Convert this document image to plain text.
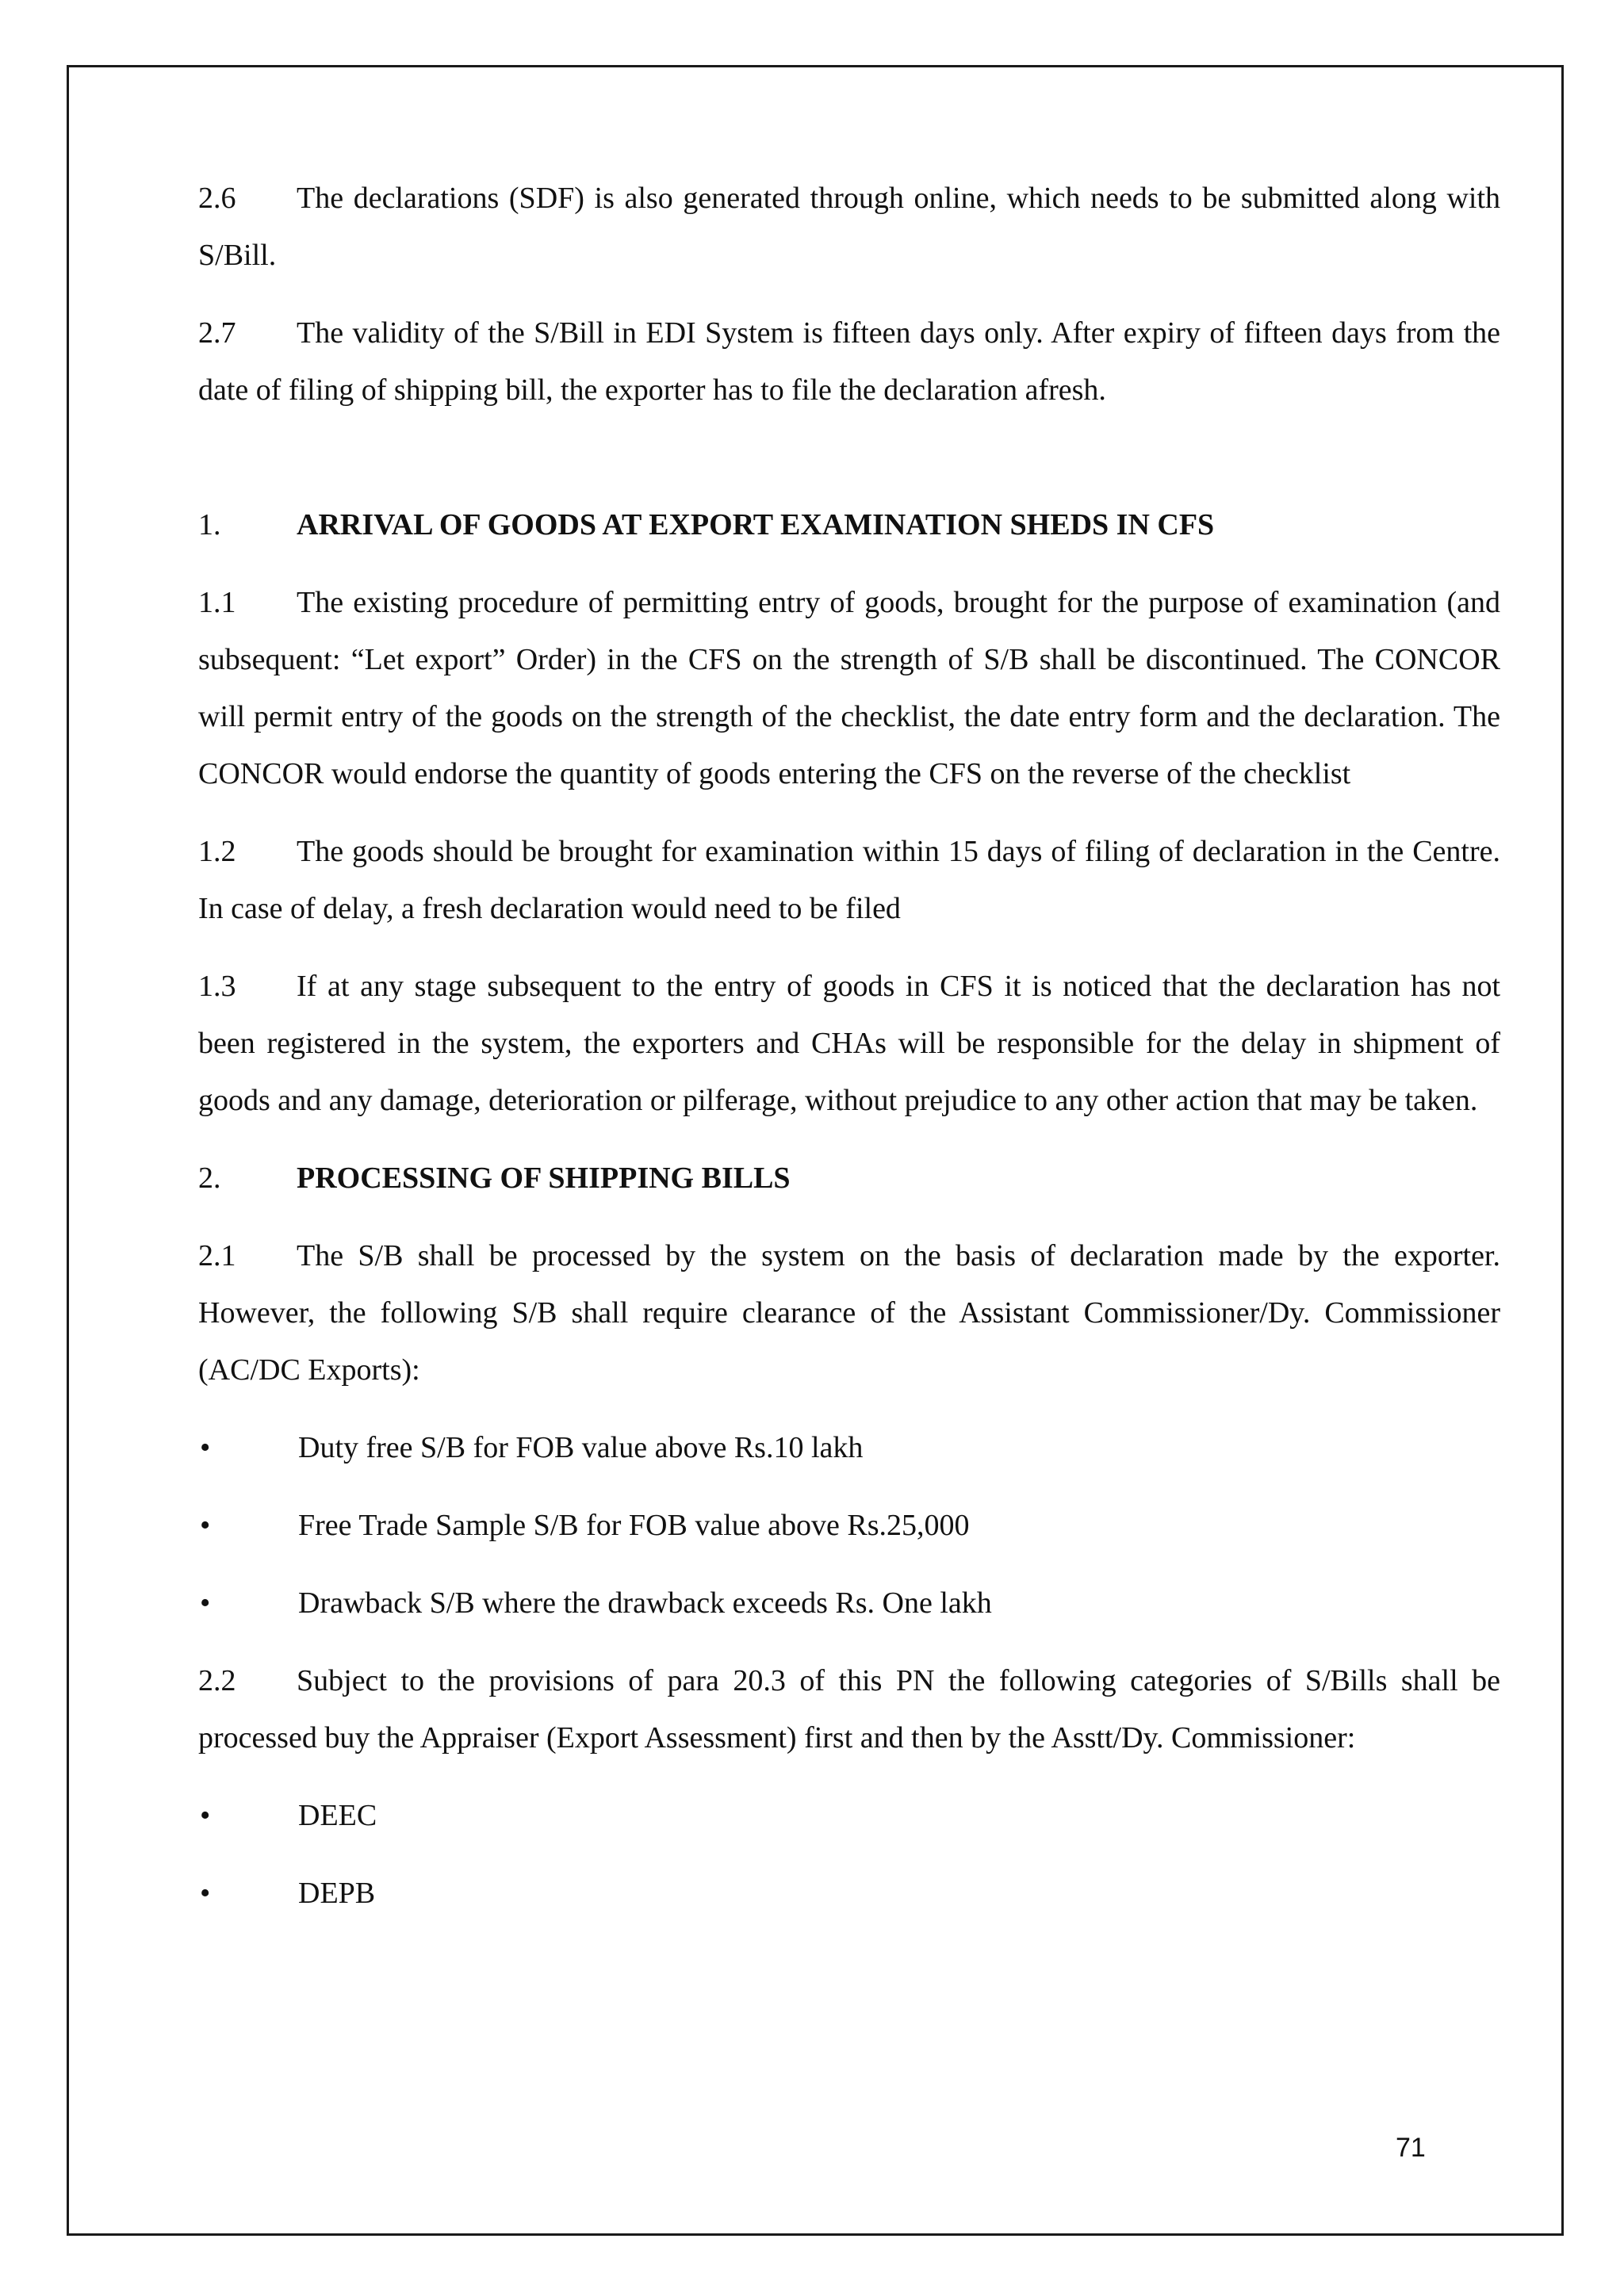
2.6 The declarations (SDF) is also generated through online, which needs to be submitted along with S/Bill.

2.7 The validity of the S/Bill in EDI System is fifteen days only. After expiry of fifteen days from the date of filing of shipping bill, the exporter has to file the declaration afresh.

1.	ARRIVAL OF GOODS AT EXPORT EXAMINATION SHEDS IN CFS

1.1 The existing procedure of permitting entry of goods, brought for the purpose of examination (and subsequent: “Let export” Order) in the CFS on the strength of S/B shall be discontinued. The CONCOR will permit entry of the goods on the strength of the checklist, the date entry form and the declaration. The CONCOR would endorse the quantity of goods entering the CFS on the reverse of the checklist

1.2 The goods should be brought for examination within 15 days of filing of declaration in the Centre. In case of delay, a fresh declaration would need to be filed

1.3 If at any stage subsequent to the entry of goods in CFS it is noticed that the declaration has not been registered in the system, the exporters and CHAs will be responsible for the delay in shipment of goods and any damage, deterioration or pilferage, without prejudice to any other action that may be taken.

2.	PROCESSING OF SHIPPING BILLS

2.1 The S/B shall be processed by the system on the basis of declaration made by the exporter. However, the following S/B shall require clearance of the Assistant Commissioner/Dy. Commissioner (AC/DC Exports):

•	Duty free S/B for FOB value above Rs.10 lakh

•	Free Trade Sample S/B for FOB value above Rs.25,000

•	Drawback S/B where the drawback exceeds Rs. One lakh

2.2 Subject to the provisions of para 20.3 of this PN the following categories of S/Bills shall be processed buy the Appraiser (Export Assessment) first and then by the Asstt/Dy. Commissioner:

•	DEEC

•	DEPB

71
